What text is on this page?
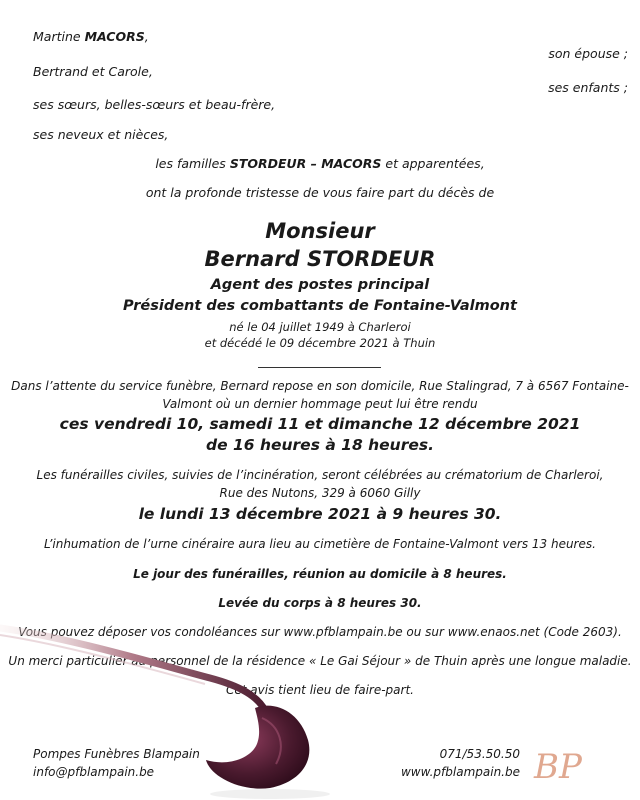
Martine MACORS,
son épouse ;
Bertrand et Carole,
ses enfants ;
ses sœurs, belles-sœurs et beau-frère,
ses neveux et nièces,
les familles STORDEUR – MACORS et apparentées,
ont la profonde tristesse de vous faire part du décès de
Monsieur
Bernard STORDEUR
Agent des postes principal
Président des combattants de Fontaine-Valmont
né le 04 juillet 1949 à Charleroi
et décédé le 09 décembre 2021 à Thuin
Dans l’attente du service funèbre, Bernard repose en son domicile, Rue Stalingrad, 7 à 6567 Fontaine-
Valmont où un dernier hommage peut lui être rendu
ces vendredi 10, samedi 11 et dimanche 12 décembre 2021
de 16 heures à 18 heures.
Les funérailles civiles, suivies de l’incinération, seront célébrées au crématorium de Charleroi,
Rue des Nutons, 329 à 6060 Gilly
le lundi 13 décembre 2021 à 9 heures 30.
L’inhumation de l’urne cinéraire aura lieu au cimetière de Fontaine-Valmont vers 13 heures.
Le jour des funérailles, réunion au domicile à 8 heures.
Levée du corps à 8 heures 30.
Vous pouvez déposer vos condoléances sur www.pfblampain.be ou sur www.enaos.net (Code 2603).
Un merci particulier au personnel de la résidence « Le Gai Séjour » de Thuin après une longue maladie.
Cet avis tient lieu de faire-part.
Pompes Funèbres Blampain
info@pfblampain.be
071/53.50.50
www.pfblampain.be BP
